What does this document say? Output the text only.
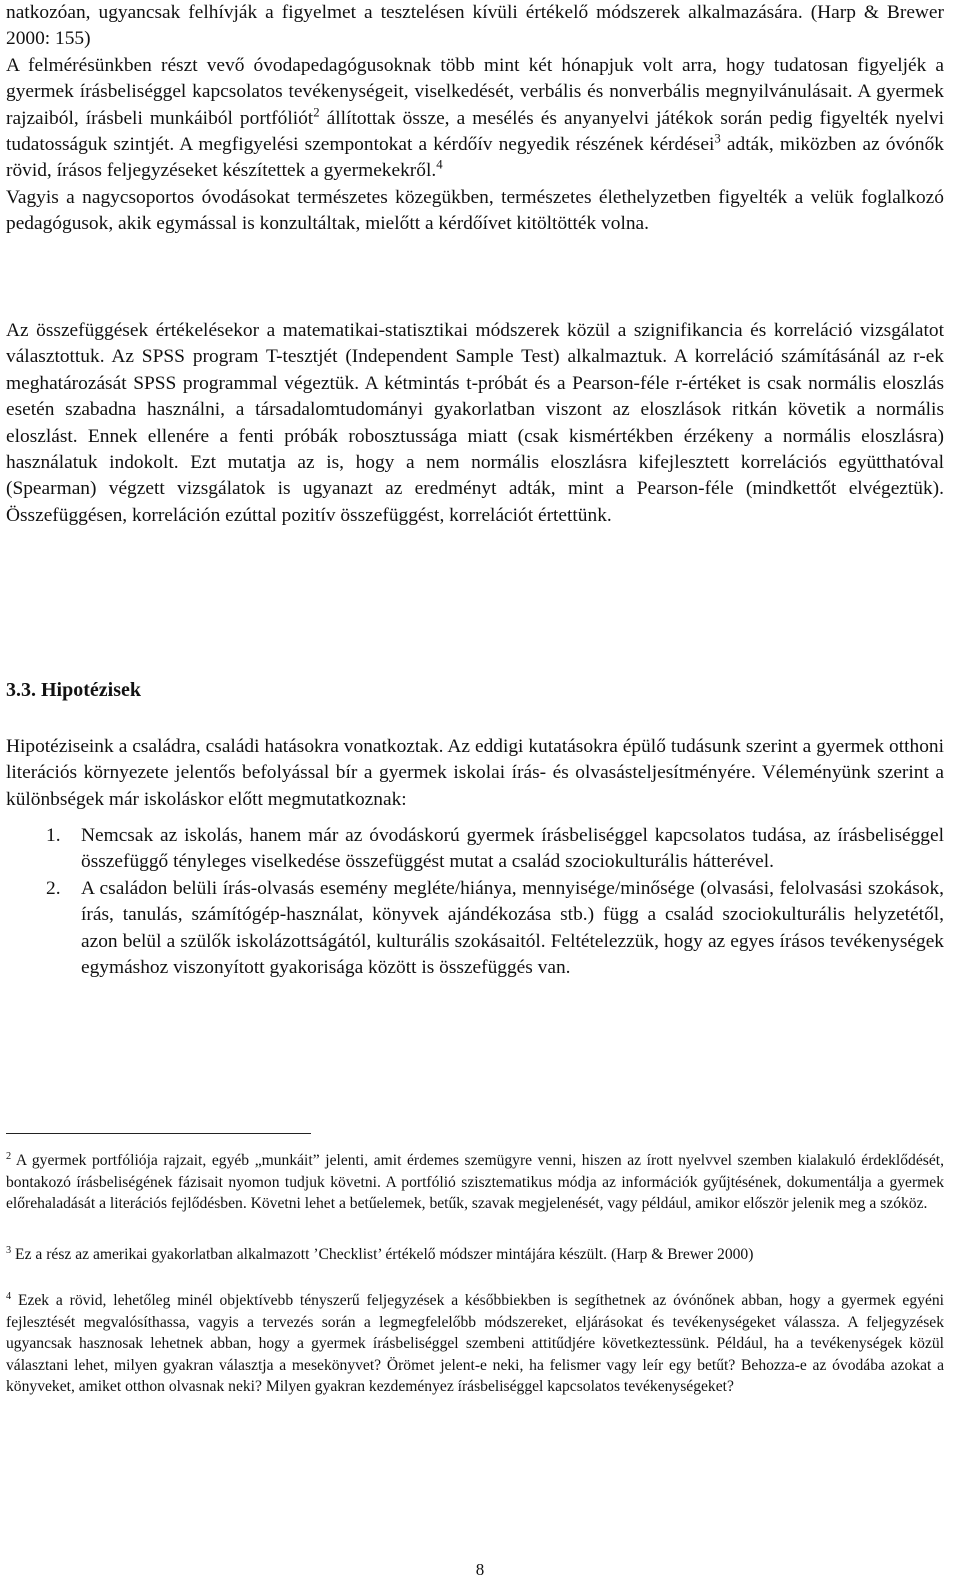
natkozóan, ugyancsak felhívják a figyelmet a tesztelésen kívüli értékelő módszerek alkalmazására. (Harp & Brewer 2000: 155)
A felmérésünkben részt vevő óvodapedagógusoknak több mint két hónapjuk volt arra, hogy tudatosan figyeljék a gyermek írásbeliséggel kapcsolatos tevékenységeit, viselkedését, verbális és nonverbális megnyilvánulásait. A gyermek rajzaiból, írásbeli munkáiból portfóliót$^2$ állítottak össze, a mesélés és anyanyelvi játékok során pedig figyelték nyelvi tudatosságuk szintjét. A megfigyelési szempontokat a kérdőív negyedik részének kérdései$^3$ adták, miközben az óvónők rövid, írásos feljegyzéseket készítettek a gyermekekről.$^4$
Vagyis a nagycsoportos óvodásokat természetes közegükben, természetes élethelyzetben figyelték a velük foglalkozó pedagógusok, akik egymással is konzultáltak, mielőtt a kérdőívet kitöltötték volna.
Az összefüggések értékelésekor a matematikai-statisztikai módszerek közül a szignifikancia és korreláció vizsgálatot választottuk. Az SPSS program T-tesztjét (Independent Sample Test) alkalmaztuk. A korreláció számításánál az r-ek meghatározását SPSS programmal végeztük. A kétmintás t-próbát és a Pearson-féle r-értéket is csak normális eloszlás esetén szabadna használni, a társadalomtudományi gyakorlatban viszont az eloszlások ritkán követik a normális eloszlást. Ennek ellenére a fenti próbák robosztussága miatt (csak kismértékben érzékeny a normális eloszlásra) használatuk indokolt. Ezt mutatja az is, hogy a nem normális eloszlásra kifejlesztett korrelációs együtthatóval (Spearman) végzett vizsgálatok is ugyanazt az eredményt adták, mint a Pearson-féle (mindkettőt elvégeztük). Összefüggésen, korreláción ezúttal pozitív összefüggést, korrelációt értettünk.
3.3. Hipotézisek
Hipotéziseink a családra, családi hatásokra vonatkoztak. Az eddigi kutatásokra épülő tudásunk szerint a gyermek otthoni literációs környezete jelentős befolyással bír a gyermek iskolai írás- és olvasásteljesítményére. Véleményünk szerint a különbségek már iskoláskor előtt megmutatkoznak:
1. Nemcsak az iskolás, hanem már az óvodáskorú gyermek írásbeliséggel kapcsolatos tudása, az írásbeliséggel összefüggő tényleges viselkedése összefüggést mutat a család szociokulturális hátterével.
2. A családon belüli írás-olvasás esemény megléte/hiánya, mennyisége/minősége (olvasási, felolvasási szokások, írás, tanulás, számítógép-használat, könyvek ajándékozása stb.) függ a család szociokulturális helyzetétől, azon belül a szülők iskolázottságától, kulturális szokásaitól. Feltételezzük, hogy az egyes írásos tevékenységek egymáshoz viszonyított gyakorisága között is összefüggés van.
$^2$ A gyermek portfóliója rajzait, egyéb „munkáit” jelenti, amit érdemes szemügyre venni, hiszen az írott nyelvvel szemben kialakuló érdeklődését, bontakozó írásbeliségének fázisait nyomon tudjuk követni. A portfólió szisztematikus módja az információk gyűjtésének, dokumentálja a gyermek előrehaladását a literációs fejlődésben. Követni lehet a betűelemek, betűk, szavak megjelenését, vagy például, amikor először jelenik meg a szóköz.
$^3$ Ez a rész az amerikai gyakorlatban alkalmazott ’Checklist’ értékelő módszer mintájára készült. (Harp & Brewer 2000)
$^4$ Ezek a rövid, lehetőleg minél objektívebb tényszerű feljegyzések a későbbiekben is segíthetnek az óvónőnek abban, hogy a gyermek egyéni fejlesztését megvalósíthassa, vagyis a tervezés során a legmegfelelőbb módszereket, eljárásokat és tevékenységeket válassza. A feljegyzések ugyancsak hasznosak lehetnek abban, hogy a gyermek írásbeliséggel szembeni attitűdjére következtessünk. Például, ha a tevékenységek közül választani lehet, milyen gyakran választja a mesekönyvet? Örömet jelent-e neki, ha felismer vagy leír egy betűt? Behozza-e az óvodába azokat a könyveket, amiket otthon olvasnak neki? Milyen gyakran kezdeményez írásbeliséggel kapcsolatos tevékenységeket?
8
